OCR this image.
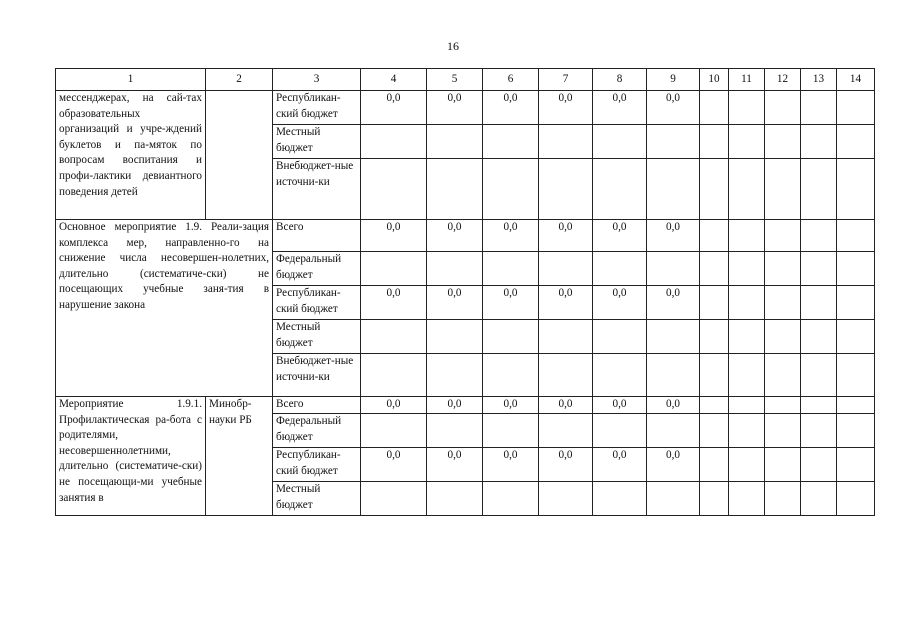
16
1	2	3	4	5	6	7	8	9	10	11	12	13	14
мессенджерах, на сай-тах образовательных организаций и учре-ждений буклетов и па-мяток по вопросам воспитания и профи-лактики девиантного поведения детей		Республикан-ский бюджет	0,0	0,0	0,0	0,0	0,0	0,0					
		Местный бюджет											
		Внебюджет-ные источни-ки											
Основное мероприятие 1.9. Реали-зация комплекса мер, направленно-го на снижение числа несовершен-нолетних, длительно (систематиче-ски) не посещающих учебные заня-тия в нарушение закона		Всего	0,0	0,0	0,0	0,0	0,0	0,0					
		Федеральный бюджет											
		Республикан-ский бюджет	0,0	0,0	0,0	0,0	0,0	0,0					
		Местный бюджет											
		Внебюджет-ные источни-ки											
Мероприятие 1.9.1. Профилактическая ра-бота с родителями, несовершеннолетними, длительно (систематиче-ски) не посещающи-ми учебные занятия в	Минобр-науки РБ	Всего	0,0	0,0	0,0	0,0	0,0	0,0					
		Федеральный бюджет											
		Республикан-ский бюджет	0,0	0,0	0,0	0,0	0,0	0,0					
		Местный бюджет											
